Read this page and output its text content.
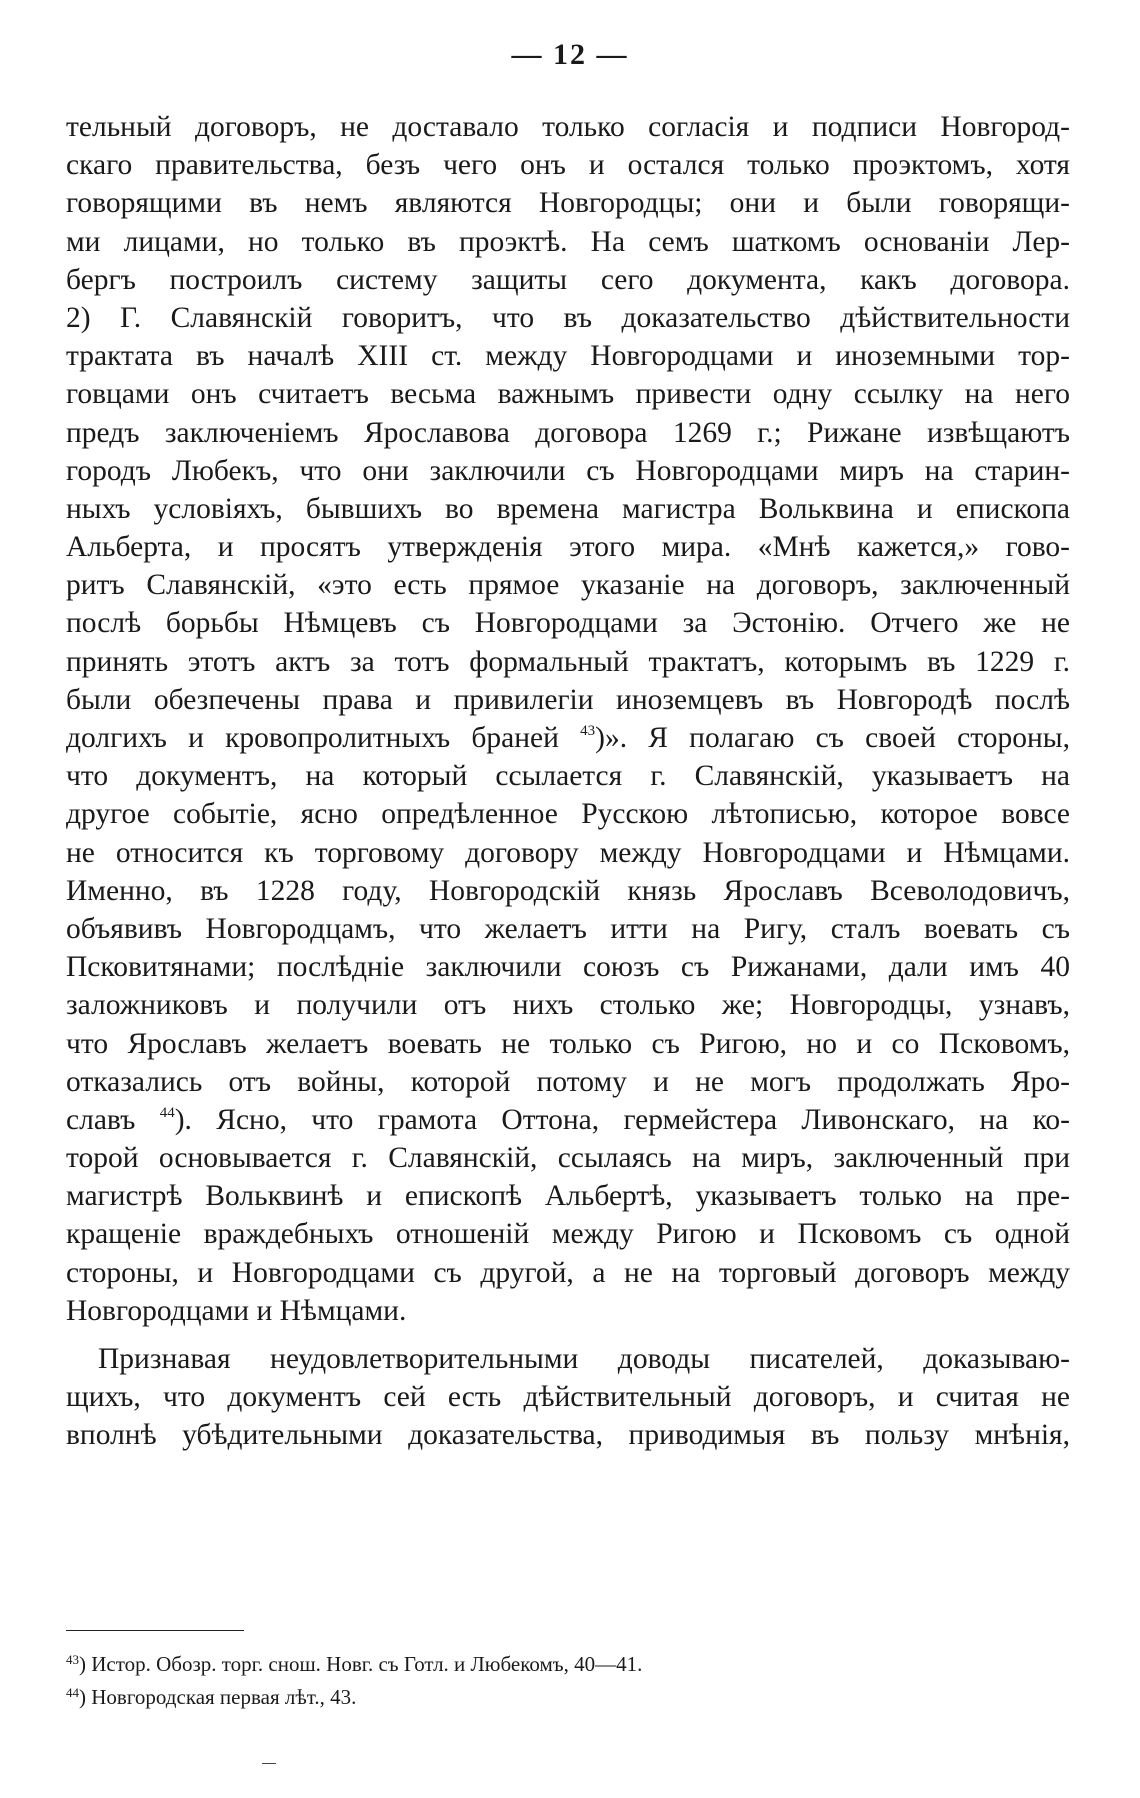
— 12 —
тельный договоръ, не доставало только согласія и подписи Новгород-
скаго правительства, безъ чего онъ и остался только проэктомъ, хотя
говорящими въ немъ являются Новгородцы; они и были говорящи-
ми лицами, но только въ проэктѣ. На семъ шаткомъ основаніи Лер-
бергъ построилъ систему защиты сего документа, какъ договора.
2) Г. Славянскій говоритъ, что въ доказательство дѣйствительности
трактата въ началѣ XIII ст. между Новгородцами и иноземными тор-
говцами онъ считаетъ весьма важнымъ привести одну ссылку на него
предъ заключеніемъ Ярославова договора 1269 г.; Рижане извѣщаютъ
городъ Любекъ, что они заключили съ Новгородцами миръ на старин-
ныхъ условіяхъ, бывшихъ во времена магистра Вольквина и епископа
Альберта, и просятъ утвержденія этого мира. «Мнѣ кажется,» гово-
ритъ Славянскій, «это есть прямое указаніе на договоръ, заключенный
послѣ борьбы Нѣмцевъ съ Новгородцами за Эстонію. Отчего же не
принять этотъ актъ за тотъ формальный трактатъ, которымъ въ 1229 г.
были обезпечены права и привилегіи иноземцевъ въ Новгородѣ послѣ
долгихъ и кровопролитныхъ браней $^{43}$)». Я полагаю съ своей стороны,
что документъ, на который ссылается г. Славянскій, указываетъ на
другое событіе, ясно опредѣленное Русскою лѣтописью, которое вовсе
не относится къ торговому договору между Новгородцами и Нѣмцами.
Именно, въ 1228 году, Новгородскій князь Ярославъ Всеволодовичъ,
объявивъ Новгородцамъ, что желаетъ итти на Ригу, сталъ воевать съ
Псковитянами; послѣдніе заключили союзъ съ Рижанами, дали имъ 40
заложниковъ и получили отъ нихъ столько же; Новгородцы, узнавъ,
что Ярославъ желаетъ воевать не только съ Ригою, но и со Псковомъ,
отказались отъ войны, которой потому и не могъ продолжать Яро-
славъ $^{44}$). Ясно, что грамота Оттона, гермейстера Ливонскаго, на ко-
торой основывается г. Славянскій, ссылаясь на миръ, заключенный при
магистрѣ Вольквинѣ и епископѣ Альбертѣ, указываетъ только на пре-
кращеніе враждебныхъ отношеній между Ригою и Псковомъ съ одной
стороны, и Новгородцами съ другой, а не на торговый договоръ между
Новгородцами и Нѣмцами.
Признавая неудовлетворительными доводы писателей, доказываю-
щихъ, что документъ сей есть дѣйствительный договоръ, и считая не
вполнѣ убѣдительными доказательства, приводимыя въ пользу мнѣнія,
$^{43}$) Истор. Обозр. торг. снош. Новг. съ Готл. и Любекомъ, 40—41.
$^{44}$) Новгородская первая лѣт., 43.
